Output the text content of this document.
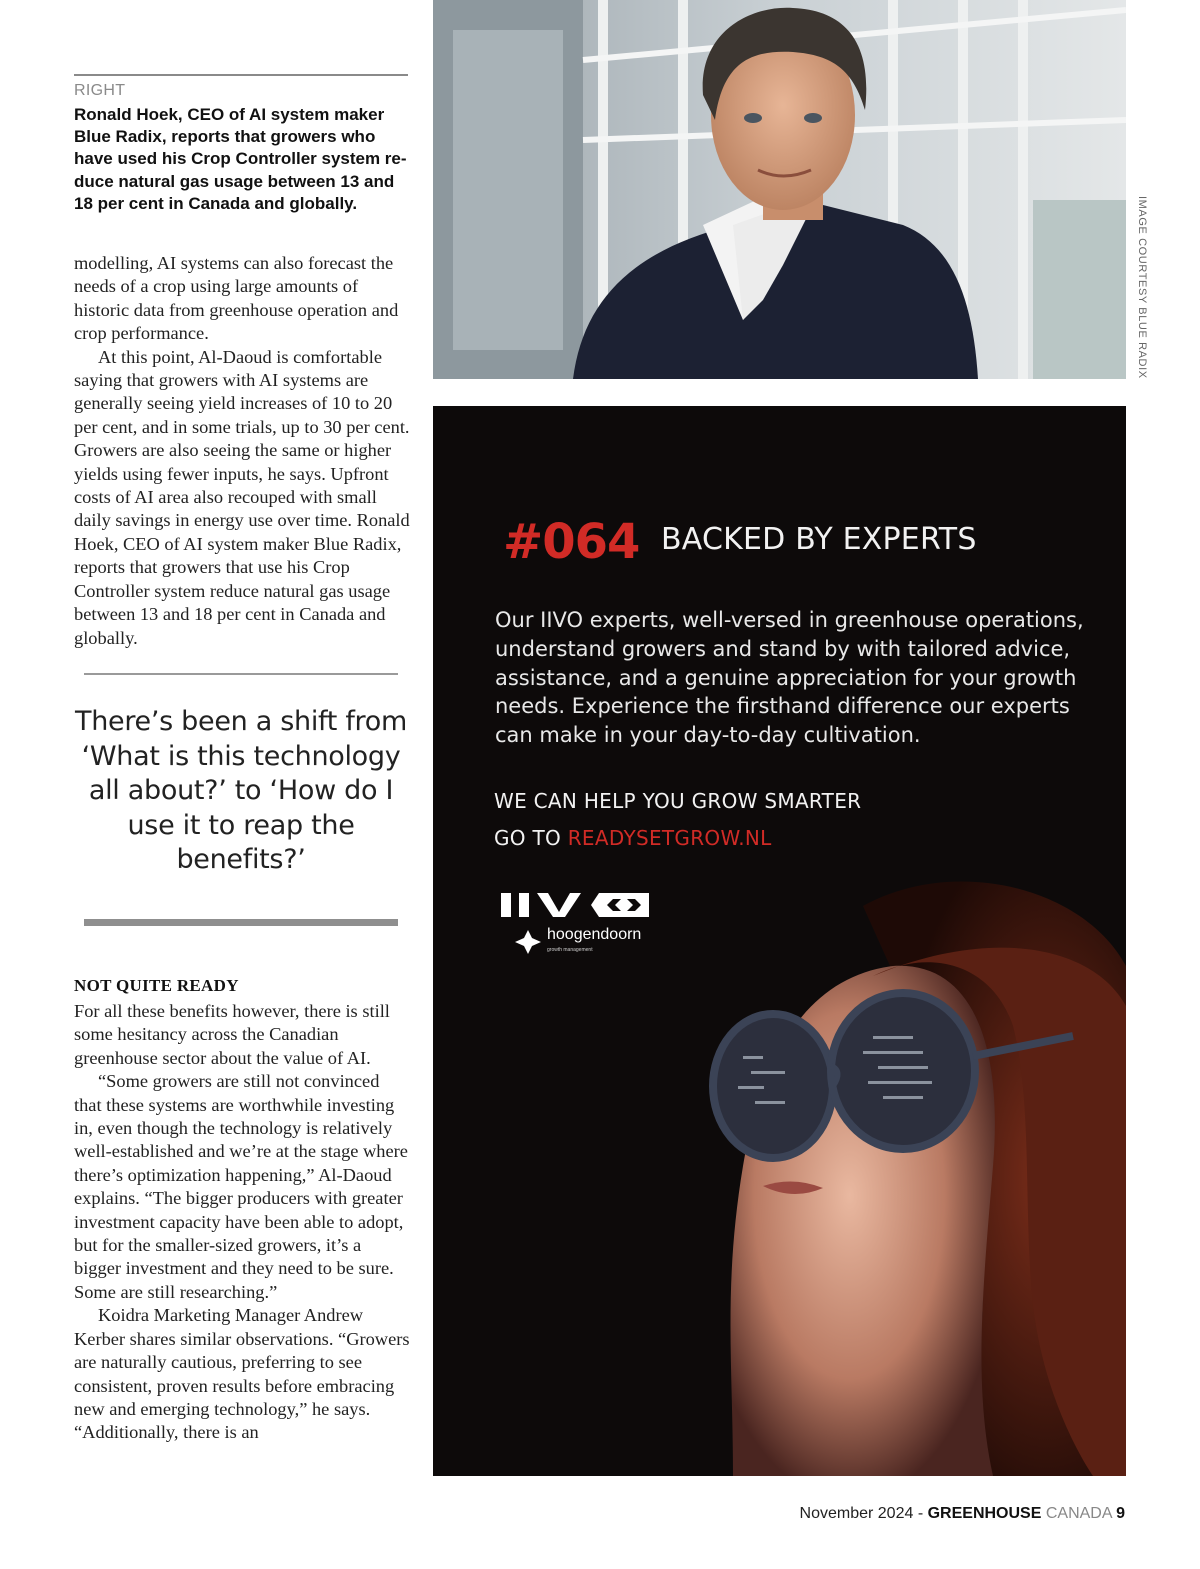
RIGHT
Ronald Hoek, CEO of AI system maker Blue Radix, reports that growers who have used his Crop Controller system re-duce natural gas usage between 13 and 18 per cent in Canada and globally.

modelling, AI systems can also forecast the needs of a crop using large amounts of historic data from greenhouse operation and crop performance.

At this point, Al-Daoud is comfortable saying that growers with AI systems are generally seeing yield increases of 10 to 20 per cent, and in some trials, up to 30 per cent. Growers are also seeing the same or higher yields using fewer inputs, he says. Upfront costs of AI area also recouped with small daily savings in energy use over time. Ronald Hoek, CEO of AI system maker Blue Radix, reports that growers that use his Crop Controller system reduce natural gas usage between 13 and 18 per cent in Canada and globally.

There’s been a shift from ‘What is this technology all about?’ to ‘How do I use it to reap the benefits?’
NOT QUITE READY

For all these benefits however, there is still some hesitancy across the Canadian greenhouse sector about the value of AI.

“Some growers are still not convinced that these systems are worthwhile investing in, even though the technology is relatively well-established and we’re at the stage where there’s optimization happening,” Al-Daoud explains. “The bigger producers with greater investment capacity have been able to adopt, but for the smaller-sized growers, it’s a bigger investment and they need to be sure. Some are still researching.”

Koidra Marketing Manager Andrew Kerber shares similar observations. “Growers are naturally cautious, preferring to see consistent, proven results before embracing new and emerging technology,” he says. “Additionally, there is an

IMAGE COURTESY BLUE RADIX
#064 BACKED BY EXPERTS
Our IIVO experts, well-versed in greenhouse operations, understand growers and stand by with tailored advice, assistance, and a genuine appreciation for your growth needs. Experience the firsthand difference our experts can make in your day-to-day cultivation.
WE CAN HELP YOU GROW SMARTER
GO TO READYSETGROW.NL
hoogendoorn
growth management
November 2024 - GREENHOUSE CANADA 9
